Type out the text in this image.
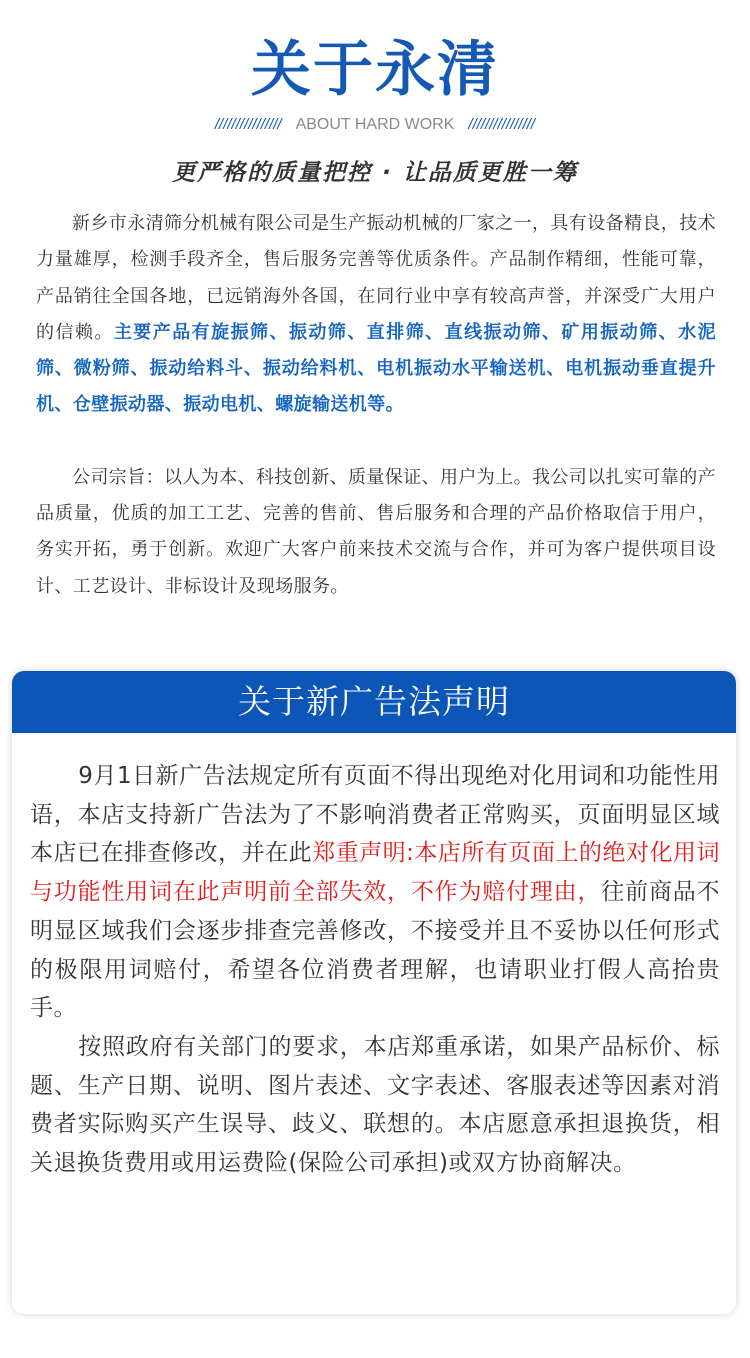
关于永清
//////////////// ABOUT HARD WORK ////////////////
更严格的质量把控 · 让品质更胜一筹

新乡市永清筛分机械有限公司是生产振动机械的厂家之一，具有设备精良，技术力量雄厚，检测手段齐全，售后服务完善等优质条件。产品制作精细，性能可靠，产品销往全国各地，已远销海外各国，在同行业中享有较高声誉，并深受广大用户的信赖。主要产品有旋振筛、振动筛、直排筛、直线振动筛、矿用振动筛、水泥筛、微粉筛、振动给料斗、振动给料机、电机振动水平输送机、电机振动垂直提升机、仓壁振动器、振动电机、螺旋输送机等。

公司宗旨：以人为本、科技创新、质量保证、用户为上。我公司以扎实可靠的产品质量，优质的加工工艺、完善的售前、售后服务和合理的产品价格取信于用户，务实开拓，勇于创新。欢迎广大客户前来技术交流与合作，并可为客户提供项目设计、工艺设计、非标设计及现场服务。

关于新广告法声明

9月1日新广告法规定所有页面不得出现绝对化用词和功能性用语，本店支持新广告法为了不影响消费者正常购买，页面明显区域本店已在排查修改，并在此郑重声明:本店所有页面上的绝对化用词与功能性用词在此声明前全部失效，不作为赔付理由，往前商品不明显区域我们会逐步排查完善修改，不接受并且不妥协以任何形式的极限用词赔付，希望各位消费者理解，也请职业打假人高抬贵手。

按照政府有关部门的要求，本店郑重承诺，如果产品标价、标题、生产日期、说明、图片表述、文字表述、客服表述等因素对消费者实际购买产生误导、歧义、联想的。本店愿意承担退换货，相关退换货费用或用运费险(保险公司承担)或双方协商解决。
